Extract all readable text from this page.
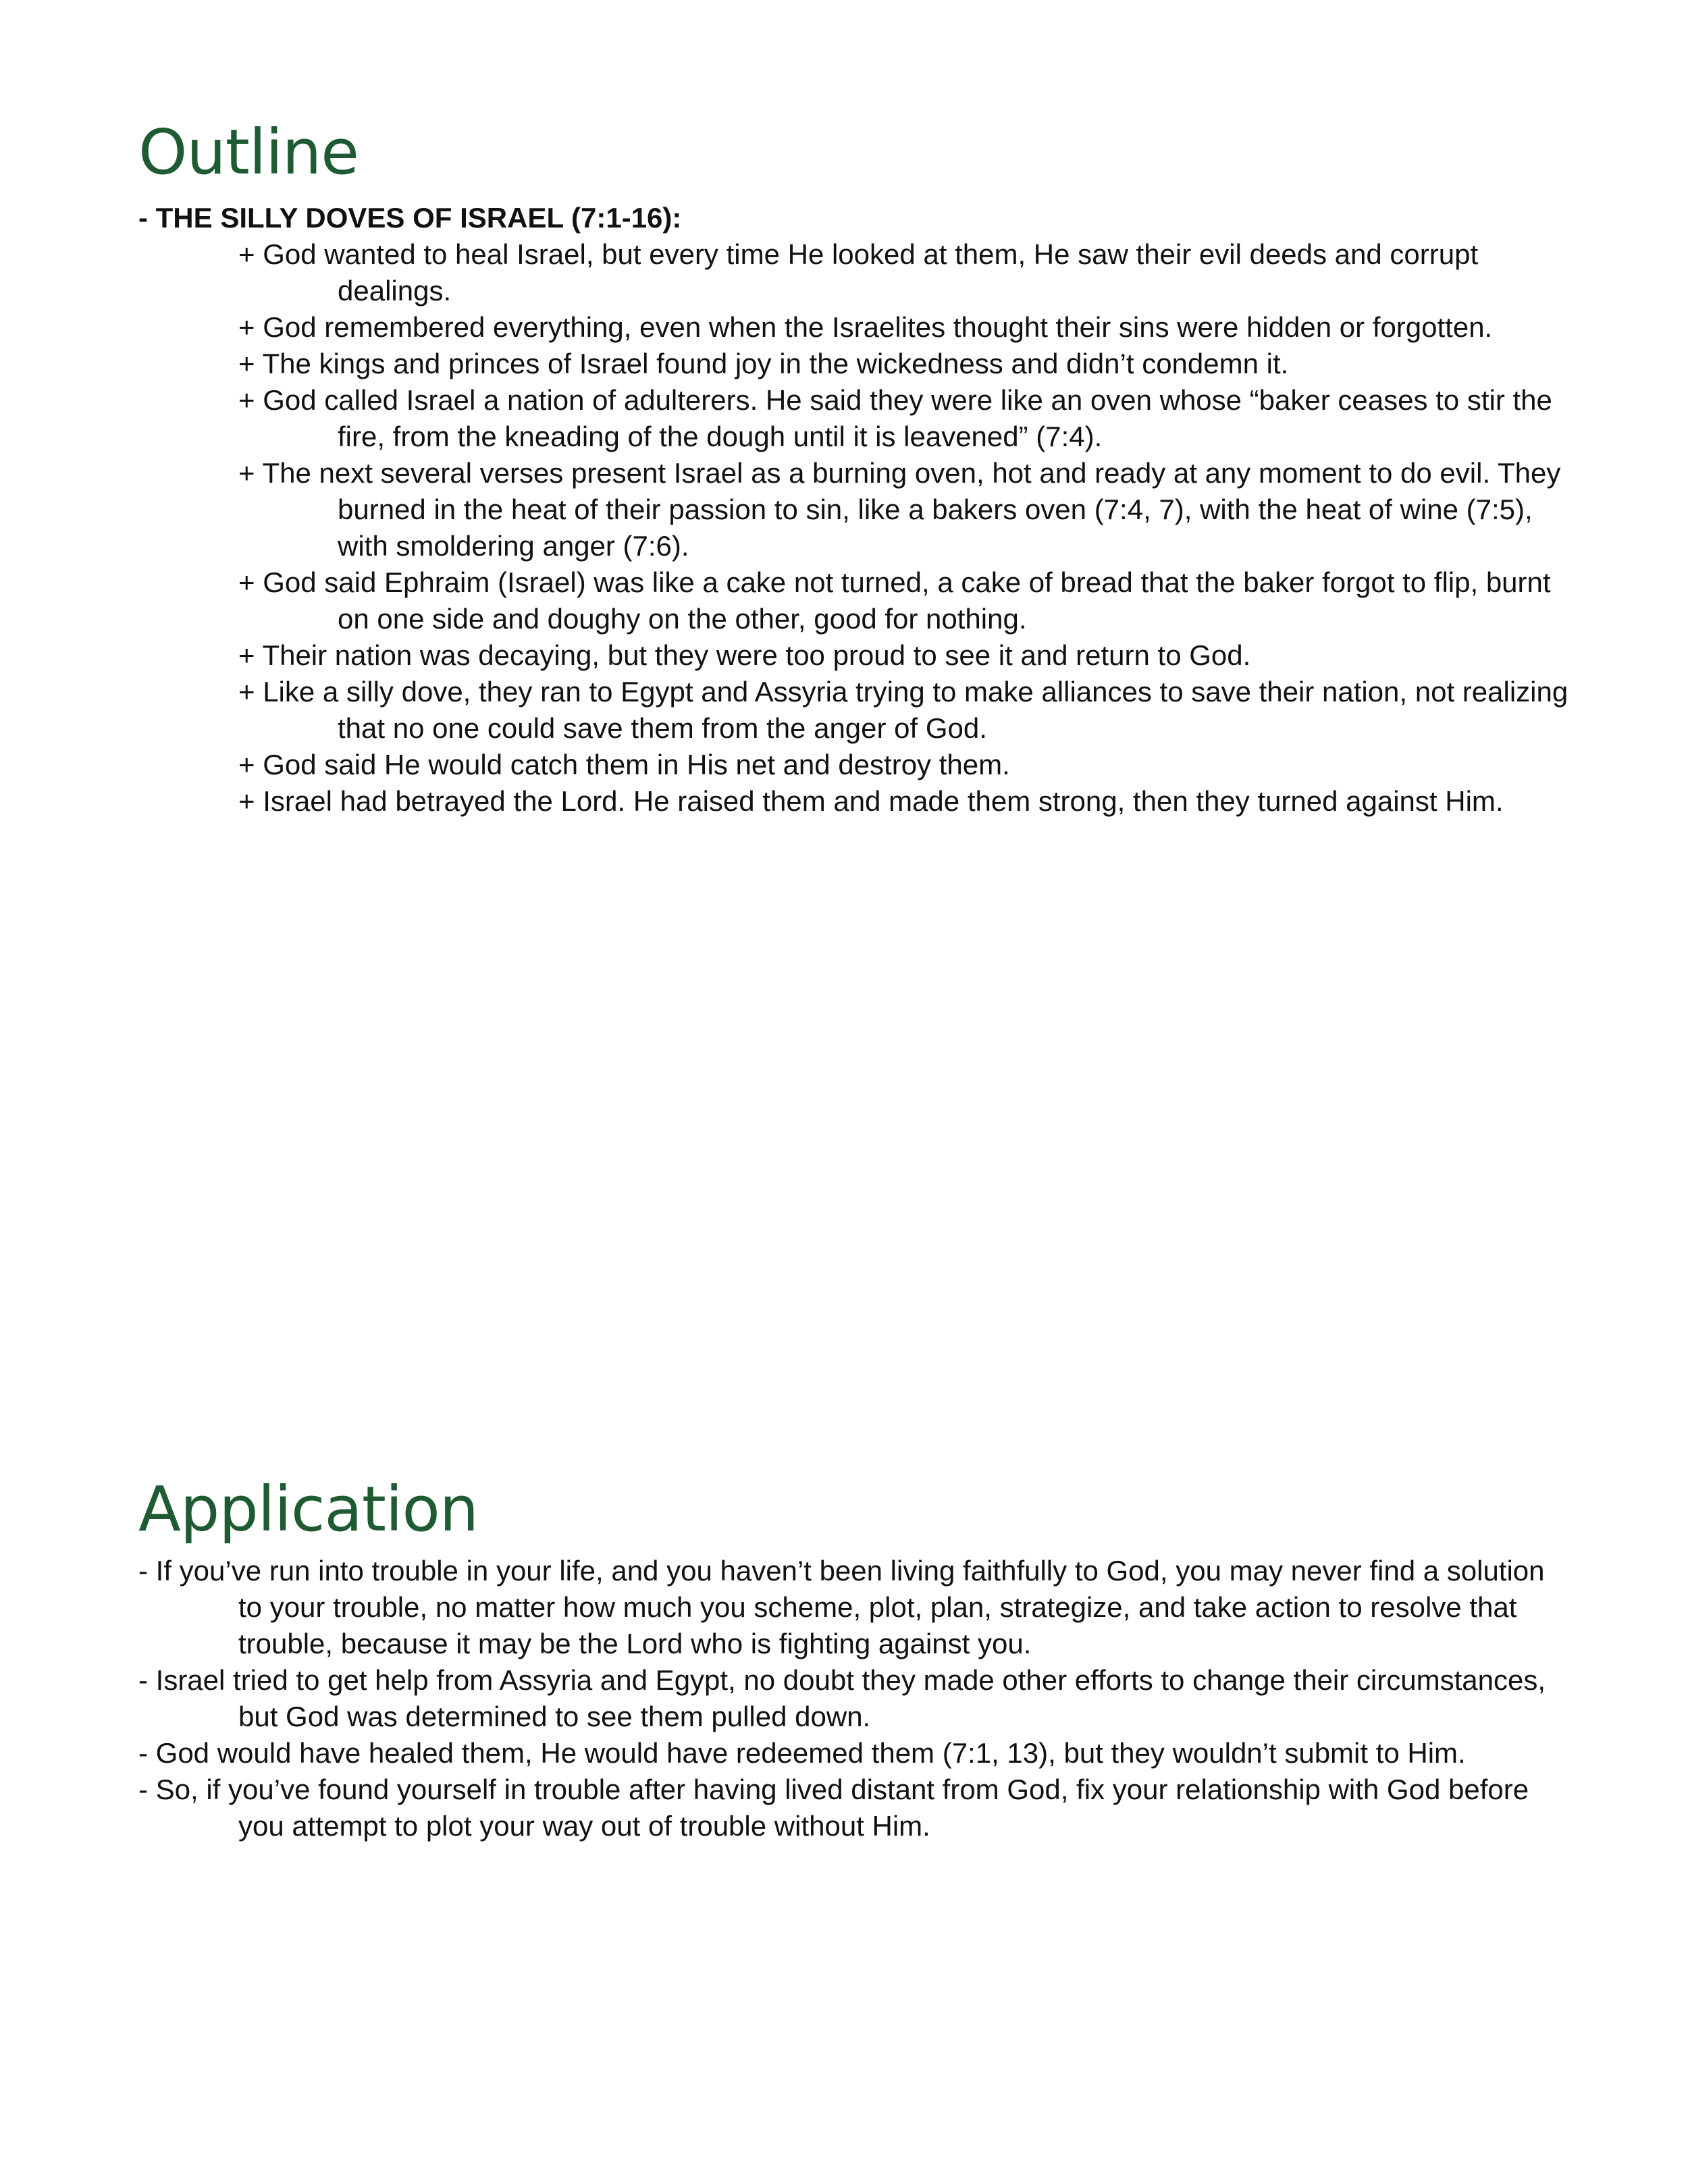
Outline

- THE SILLY DOVES OF ISRAEL (7:1-16):

+ God wanted to heal Israel, but every time He looked at them, He saw their evil deeds and corrupt dealings.

+ God remembered everything, even when the Israelites thought their sins were hidden or forgotten.

+ The kings and princes of Israel found joy in the wickedness and didn’t condemn it.

+ God called Israel a nation of adulterers. He said they were like an oven whose “baker ceases to stir the fire, from the kneading of the dough until it is leavened” (7:4).

+ The next several verses present Israel as a burning oven, hot and ready at any moment to do evil. They burned in the heat of their passion to sin, like a bakers oven (7:4, 7), with the heat of wine (7:5), with smoldering anger (7:6).

+ God said Ephraim (Israel) was like a cake not turned, a cake of bread that the baker forgot to flip, burnt on one side and doughy on the other, good for nothing.

+ Their nation was decaying, but they were too proud to see it and return to God.

+ Like a silly dove, they ran to Egypt and Assyria trying to make alliances to save their nation, not realizing that no one could save them from the anger of God.

+ God said He would catch them in His net and destroy them.

+ Israel had betrayed the Lord. He raised them and made them strong, then they turned against Him.

Application

- If you’ve run into trouble in your life, and you haven’t been living faithfully to God, you may never find a solution to your trouble, no matter how much you scheme, plot, plan, strategize, and take action to resolve that trouble, because it may be the Lord who is fighting against you.

- Israel tried to get help from Assyria and Egypt, no doubt they made other efforts to change their circumstances, but God was determined to see them pulled down.

- God would have healed them, He would have redeemed them (7:1, 13), but they wouldn’t submit to Him.

- So, if you’ve found yourself in trouble after having lived distant from God, fix your relationship with God before you attempt to plot your way out of trouble without Him.
